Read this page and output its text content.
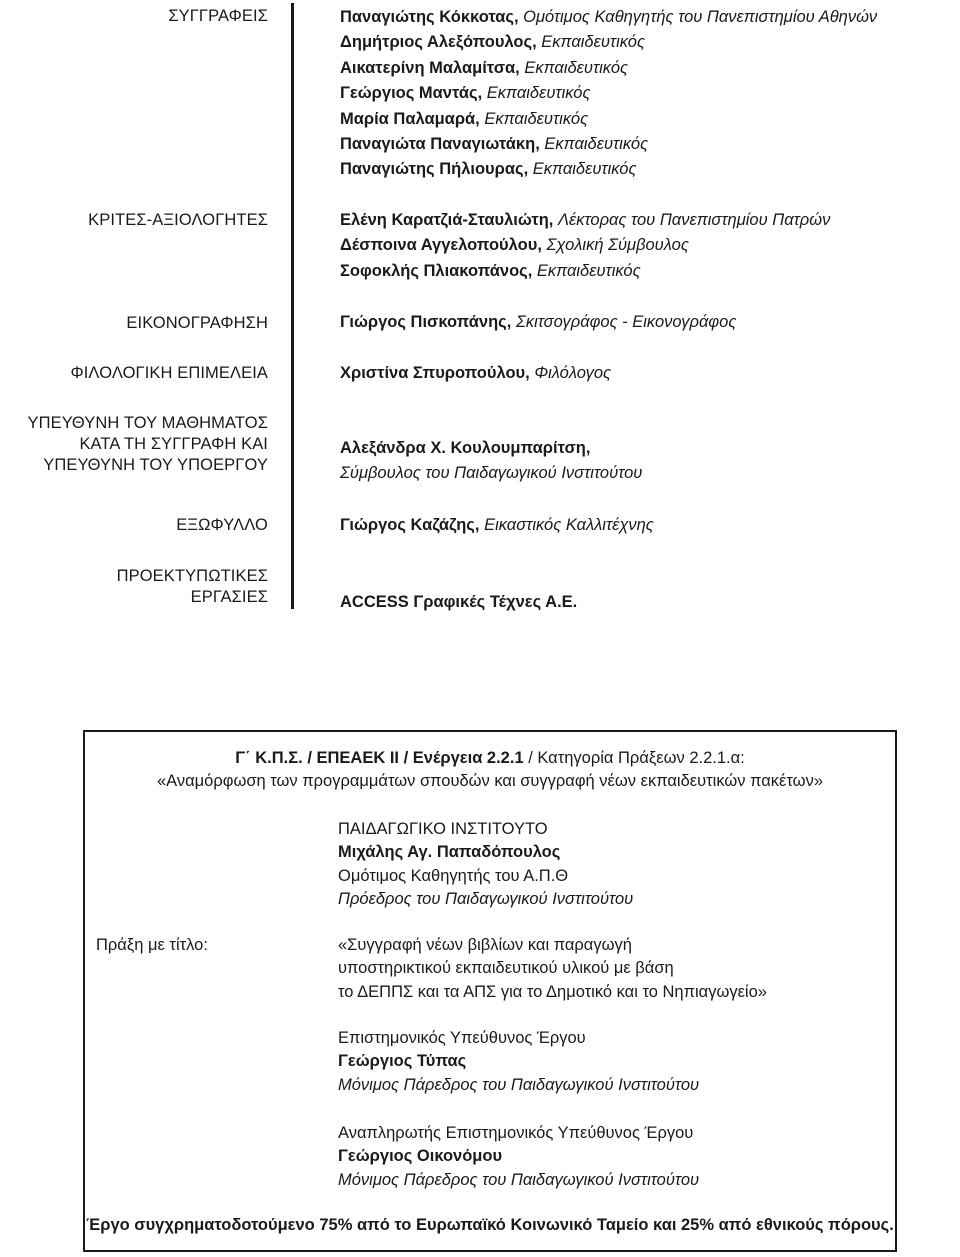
ΣΥΓΓΡΑΦΕΙΣ
ΚΡΙΤΕΣ-ΑΞΙΟΛΟΓΗΤΕΣ
ΕΙΚΟΝΟΓΡΑΦΗΣΗ
ΦΙΛΟΛΟΓΙΚΗ ΕΠΙΜΕΛΕΙΑ
ΥΠΕΥΘΥΝΗ ΤΟΥ ΜΑΘΗΜΑΤΟΣ
ΚΑΤΑ ΤΗ ΣΥΓΓΡΑΦΗ ΚΑΙ
ΥΠΕΥΘΥΝΗ ΤΟΥ ΥΠΟΕΡΓΟΥ
ΕΞΩΦΥΛΛΟ
ΠΡΟΕΚΤΥΠΩΤΙΚΕΣ
ΕΡΓΑΣΙΕΣ
Παναγιώτης Κόκκοτας, Ομότιμος Καθηγητής του Πανεπιστημίου Αθηνών
Δημήτριος Αλεξόπουλος, Εκπαιδευτικός
Αικατερίνη Μαλαμίτσα, Εκπαιδευτικός
Γεώργιος Μαντάς, Εκπαιδευτικός
Μαρία Παλαμαρά, Εκπαιδευτικός
Παναγιώτα Παναγιωτάκη, Εκπαιδευτικός
Παναγιώτης Πήλιουρας, Εκπαιδευτικός
Ελένη Καρατζιά-Σταυλιώτη, Λέκτορας του Πανεπιστημίου Πατρών
Δέσποινα Αγγελοπούλου, Σχολική Σύμβουλος
Σοφοκλής Πλιακοπάνος, Εκπαιδευτικός
Γιώργος Πισκοπάνης, Σκιτσογράφος - Εικονογράφος
Χριστίνα Σπυροπούλου, Φιλόλογος
Αλεξάνδρα Χ. Κουλουμπαρίτση,
Σύμβουλος του Παιδαγωγικού Ινστιτούτου
Γιώργος Καζάζης, Εικαστικός Καλλιτέχνης
ACCESS Γραφικές Τέχνες Α.Ε.
Γ΄ Κ.Π.Σ. / ΕΠΕΑΕΚ ΙΙ / Ενέργεια 2.2.1 / Κατηγορία Πράξεων 2.2.1.α:
«Αναμόρφωση των προγραμμάτων σπουδών και συγγραφή νέων εκπαιδευτικών πακέτων»
ΠΑΙΔΑΓΩΓΙΚΟ ΙΝΣΤΙΤΟΥΤΟ
Μιχάλης Αγ. Παπαδόπουλος
Ομότιμος Καθηγητής του Α.Π.Θ
Πρόεδρος του Παιδαγωγικού Ινστιτούτου
Πράξη με τίτλο:	«Συγγραφή νέων βιβλίων και παραγωγή
υποστηρικτικού εκπαιδευτικού υλικού με βάση
το ΔΕΠΠΣ και τα ΑΠΣ για το Δημοτικό και το Νηπιαγωγείο»
Επιστημονικός Υπεύθυνος Έργου
Γεώργιος Τύπας
Μόνιμος Πάρεδρος του Παιδαγωγικού Ινστιτούτου
Αναπληρωτής Επιστημονικός Υπεύθυνος Έργου
Γεώργιος Οικονόμου
Μόνιμος Πάρεδρος του Παιδαγωγικού Ινστιτούτου
Έργο συγχρηματοδοτούμενο 75% από το Ευρωπαϊκό Κοινωνικό Ταμείο και 25% από εθνικούς πόρους.
